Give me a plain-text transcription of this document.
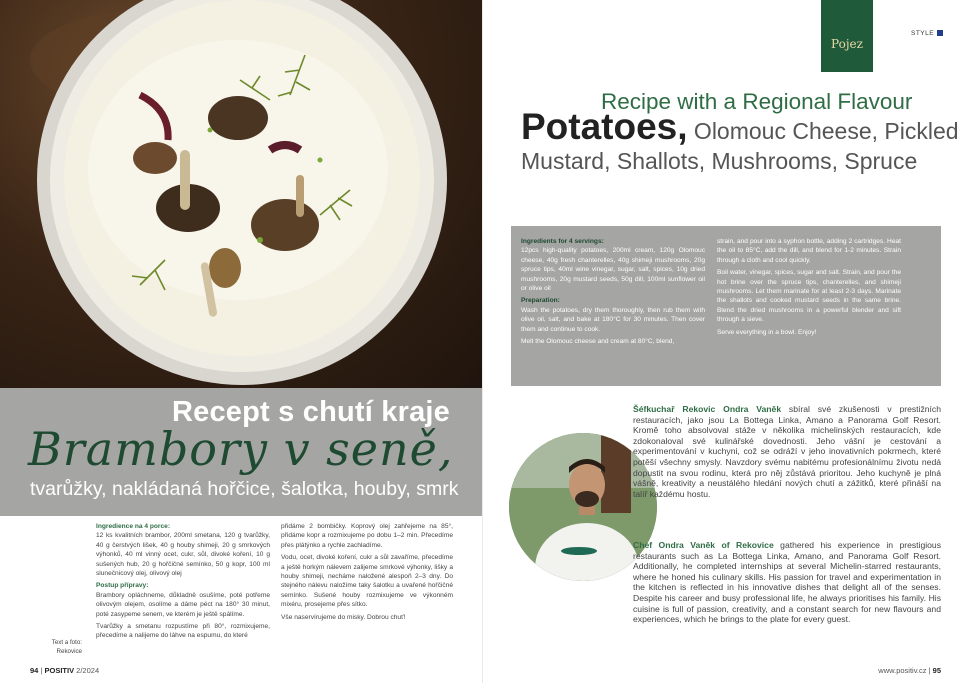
Recept s chutí kraje
Brambory v seně,
tvarůžky, nakládaná hořčice, šalotka, houby, smrk
Ingredience na 4 porce:

12 ks kvalitních brambor, 200ml smetana, 120 g tvarůžky, 40 g čerstvých lišek, 40 g houby shimeji, 20 g smrkových výhonků, 40 ml vinný ocet, cukr, sůl, divoké koření, 10 g sušených hub, 20 g hořčičné semínko, 50 g kopr, 100 ml slunečnicový olej, olivový olej

Postup přípravy:

Brambory opláchneme, důkladně osušíme, poté potřeme olivovým olejem, osolíme a dáme péct na 180° 30 minut, poté zasypeme senem, ve kterém je ještě spálíme.

Tvarůžky a smetanu rozpustíme při 80°, rozmixujeme, přecedíme a nalijeme do láhve na espumu, do které

přidáme 2 bombičky. Koprový olej zahřejeme na 85°, přidáme kopr a rozmixujeme po dobu 1–2 min. Přecedíme přes plátýnko a rychle zachladíme.

Vodu, ocet, divoké koření, cukr a sůl zavaříme, přecedíme a ještě horkým nálevem zalijeme smrkové výhonky, lišky a houby shimeji, necháme naložené alespoň 2–3 dny. Do stejného nálevu naložíme taky šalotku a uvařené hořčičné semínko. Sušené houby rozmixujeme ve výkonném mixéru, prosejeme přes sítko.

Vše naservírujeme do misky. Dobrou chuť!

Text a foto:
Rekovice
94 | POSITIV 2/2024
Pojez
STYLE
Recipe with a Regional Flavour
Potatoes, Olomouc Cheese, Pickled Mustard, Shallots, Mushrooms, Spruce
Ingredients for 4 servings:

12pcs high-quality potatoes, 200ml cream, 120g Olomouc cheese, 40g fresh chanterelles, 40g shimeji mushrooms, 20g spruce tips, 40ml wine vinegar, sugar, salt, spices, 10g dried mushrooms, 20g mustard seeds, 50g dill, 100ml sunflower oil or olive oil

Preparation:

Wash the potatoes, dry them thoroughly, then rub them with olive oil, salt, and bake at 180°C for 30 minutes. Then cover them and continue to cook.

Melt the Olomouc cheese and cream at 80°C, blend,

strain, and pour into a syphon bottle, adding 2 cartridges. Heat the oil to 85°C, add the dill, and blend for 1-2 minutes. Strain through a cloth and cool quickly.

Boil water, vinegar, spices, sugar and salt. Strain, and pour the hot brine over the spruce tips, chanterelles, and shimeji mushrooms. Let them marinate for at least 2-3 days. Marinate the shallots and cooked mustard seeds in the same brine. Blend the dried mushrooms in a powerful blender and sift through a sieve.

Serve everything in a bowl. Enjoy!

Šéfkuchař Rekovic Ondra Vaněk sbíral své zkušenosti v prestižních restauracích, jako jsou La Bottega Linka, Amano a Panorama Golf Resort. Kromě toho absolvoval stáže v několika michelinských restauracích, kde zdokonaloval své kulinářské dovednosti. Jeho vášní je cestování a experimentování v kuchyni, což se odráží v jeho inovativních pokrmech, které potěší všechny smysly. Navzdory svému nabitému profesionálnímu životu nedá dopustit na svou rodinu, která pro něj zůstává prioritou. Jeho kuchyně je plná vášně, kreativity a neustálého hledání nových chutí a zážitků, které přináší na talíř každému hostu.
Chef Ondra Vaněk of Rekovice gathered his experience in prestigious restaurants such as La Bottega Linka, Amano, and Panorama Golf Resort. Additionally, he completed internships at several Michelin-starred restaurants, where he honed his culinary skills. His passion for travel and experimentation in the kitchen is reflected in his innovative dishes that delight all of the senses. Despite his career and busy professional life, he always prioritises his family. His cuisine is full of passion, creativity, and a constant search for new flavours and experiences, which he brings to the plate for every guest.
www.positiv.cz | 95
